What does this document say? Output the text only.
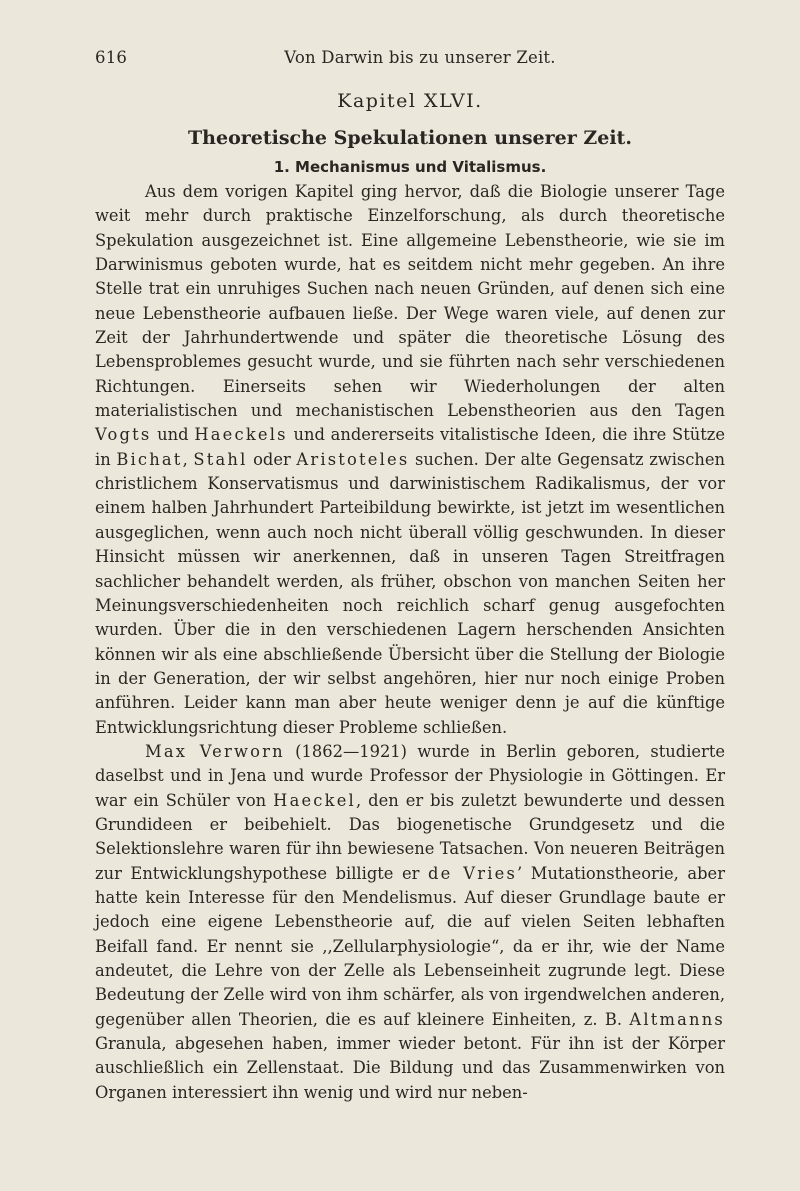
616	Von Darwin bis zu unserer Zeit.
Kapitel XLVI.
Theoretische Spekulationen unserer Zeit.
1. Mechanismus und Vitalismus.

Aus dem vorigen Kapitel ging hervor, daß die Biologie unserer Tage weit mehr durch praktische Einzelforschung, als durch theoretische Spekulation ausgezeichnet ist. Eine allgemeine Lebenstheorie, wie sie im Darwinismus geboten wurde, hat es seitdem nicht mehr gegeben. An ihre Stelle trat ein unruhiges Suchen nach neuen Gründen, auf denen sich eine neue Lebenstheorie aufbauen ließe. Der Wege waren viele, auf denen zur Zeit der Jahrhundertwende und später die theoretische Lösung des Lebensproblemes gesucht wurde, und sie führten nach sehr verschiedenen Richtungen. Einerseits sehen wir Wiederholungen der alten materialistischen und mechanistischen Lebenstheorien aus den Tagen Vogts und Haeckels und andererseits vitalistische Ideen, die ihre Stütze in Bichat, Stahl oder Aristoteles suchen. Der alte Gegensatz zwischen christlichem Konservatismus und darwinistischem Radikalismus, der vor einem halben Jahrhundert Parteibildung bewirkte, ist jetzt im wesentlichen ausgeglichen, wenn auch noch nicht überall völlig geschwunden. In dieser Hinsicht müssen wir anerkennen, daß in unseren Tagen Streitfragen sachlicher behandelt werden, als früher, obschon von manchen Seiten her Meinungsverschiedenheiten noch reichlich scharf genug ausgefochten wurden. Über die in den verschiedenen Lagern herschenden Ansichten können wir als eine abschließende Übersicht über die Stellung der Biologie in der Generation, der wir selbst angehören, hier nur noch einige Proben anführen. Leider kann man aber heute weniger denn je auf die künftige Entwicklungsrichtung dieser Probleme schließen.

Max Verworn (1862—1921) wurde in Berlin geboren, studierte daselbst und in Jena und wurde Professor der Physiologie in Göttingen. Er war ein Schüler von Haeckel, den er bis zuletzt bewunderte und dessen Grundideen er beibehielt. Das biogenetische Grundgesetz und die Selektionslehre waren für ihn bewiesene Tatsachen. Von neueren Beiträgen zur Entwicklungshypothese billigte er de Vries’ Mutationstheorie, aber hatte kein Interesse für den Mendelismus. Auf dieser Grundlage baute er jedoch eine eigene Lebenstheorie auf, die auf vielen Seiten lebhaften Beifall fand. Er nennt sie ,,Zellularphysiologie“, da er ihr, wie der Name andeutet, die Lehre von der Zelle als Lebenseinheit zugrunde legt. Diese Bedeutung der Zelle wird von ihm schärfer, als von irgendwelchen anderen, gegenüber allen Theorien, die es auf kleinere Einheiten, z. B. Altmanns Granula, abgesehen haben, immer wieder betont. Für ihn ist der Körper auschließlich ein Zellenstaat. Die Bildung und das Zusammenwirken von Organen interessiert ihn wenig und wird nur neben-
